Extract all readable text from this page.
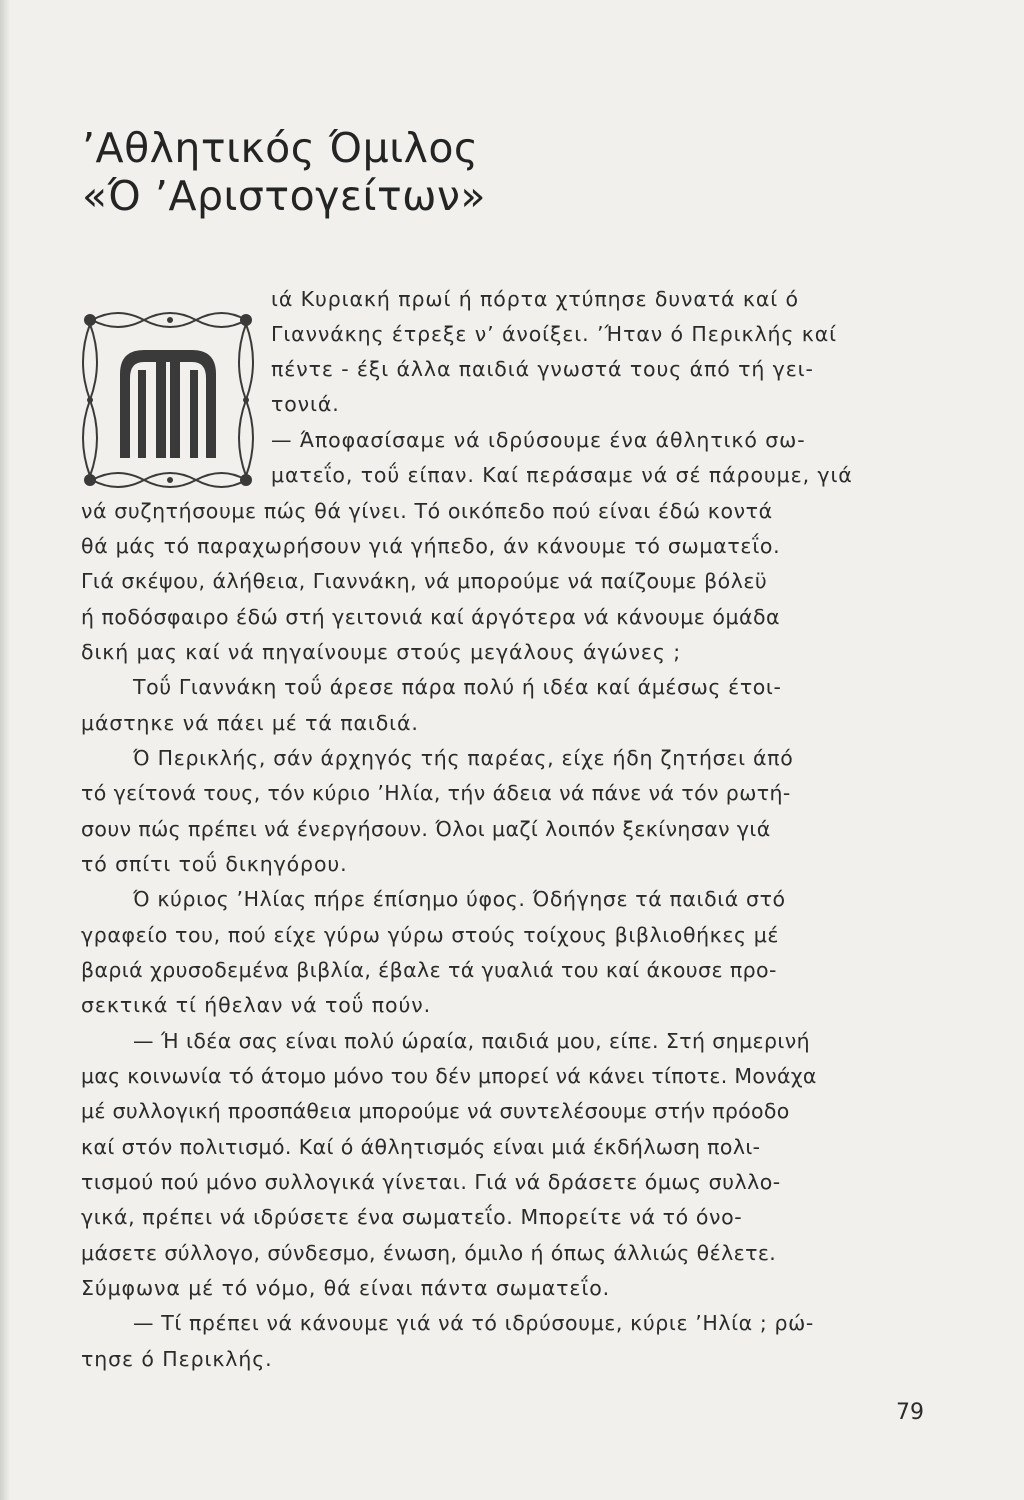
’Αθλητικός Όμιλος
«Ό ’Αριστογείτων»
ιά Κυριακή πρωί ή πόρτα χτύπησε δυνατά καί ό
Γιαννάκης έτρεξε ν’ άνοίξει. ’Ήταν ό Περικλής καί
πέντε - έξι άλλα παιδιά γνωστά τους άπό τή γει-
τονιά.
— Άποφασίσαμε νά ιδρύσουμε ένα άθλητικό σω-
ματεΐο, τοΰ είπαν. Καί περάσαμε νά σέ πάρουμε, γιά
νά συζητήσουμε πώς θά γίνει. Τό οικόπεδο πού είναι έδώ κοντά
θά μάς τό παραχωρήσουν γιά γήπεδο, άν κάνουμε τό σωματεΐο.
Γιά σκέψου, άλήθεια, Γιαννάκη, νά μπορούμε νά παίζουμε βόλεϋ
ή ποδόσφαιρο έδώ στή γειτονιά καί άργότερα νά κάνουμε όμάδα
δική μας καί νά πηγαίνουμε στούς μεγάλους άγώνες ;
Τοΰ Γιαννάκη τοΰ άρεσε πάρα πολύ ή ιδέα καί άμέσως έτοι-
μάστηκε νά πάει μέ τά παιδιά.
Ό Περικλής, σάν άρχηγός τής παρέας, είχε ήδη ζητήσει άπό
τό γείτονά τους, τόν κύριο ’Ηλία, τήν άδεια νά πάνε νά τόν ρωτή-
σουν πώς πρέπει νά ένεργήσουν. Όλοι μαζί λοιπόν ξεκίνησαν γιά
τό σπίτι τοΰ δικηγόρου.
Ό κύριος ’Ηλίας πήρε έπίσημο ύφος. Όδήγησε τά παιδιά στό
γραφείο του, πού είχε γύρω γύρω στούς τοίχους βιβλιοθήκες μέ
βαριά χρυσοδεμένα βιβλία, έβαλε τά γυαλιά του καί άκουσε προ-
σεκτικά τί ήθελαν νά τοΰ πούν.
— Ή ιδέα σας είναι πολύ ώραία, παιδιά μου, είπε. Στή σημερινή
μας κοινωνία τό άτομο μόνο του δέν μπορεί νά κάνει τίποτε. Μονάχα
μέ συλλογική προσπάθεια μπορούμε νά συντελέσουμε στήν πρόοδο
καί στόν πολιτισμό. Καί ό άθλητισμός είναι μιά έκδήλωση πολι-
τισμού πού μόνο συλλογικά γίνεται. Γιά νά δράσετε όμως συλλο-
γικά, πρέπει νά ιδρύσετε ένα σωματεΐο. Μπορείτε νά τό όνο-
μάσετε σύλλογο, σύνδεσμο, ένωση, όμιλο ή όπως άλλιώς θέλετε.
Σύμφωνα μέ τό νόμο, θά είναι πάντα σωματεΐο.
— Τί πρέπει νά κάνουμε γιά νά τό ιδρύσουμε, κύριε ’Ηλία ; ρώ-
τησε ό Περικλής.
79
